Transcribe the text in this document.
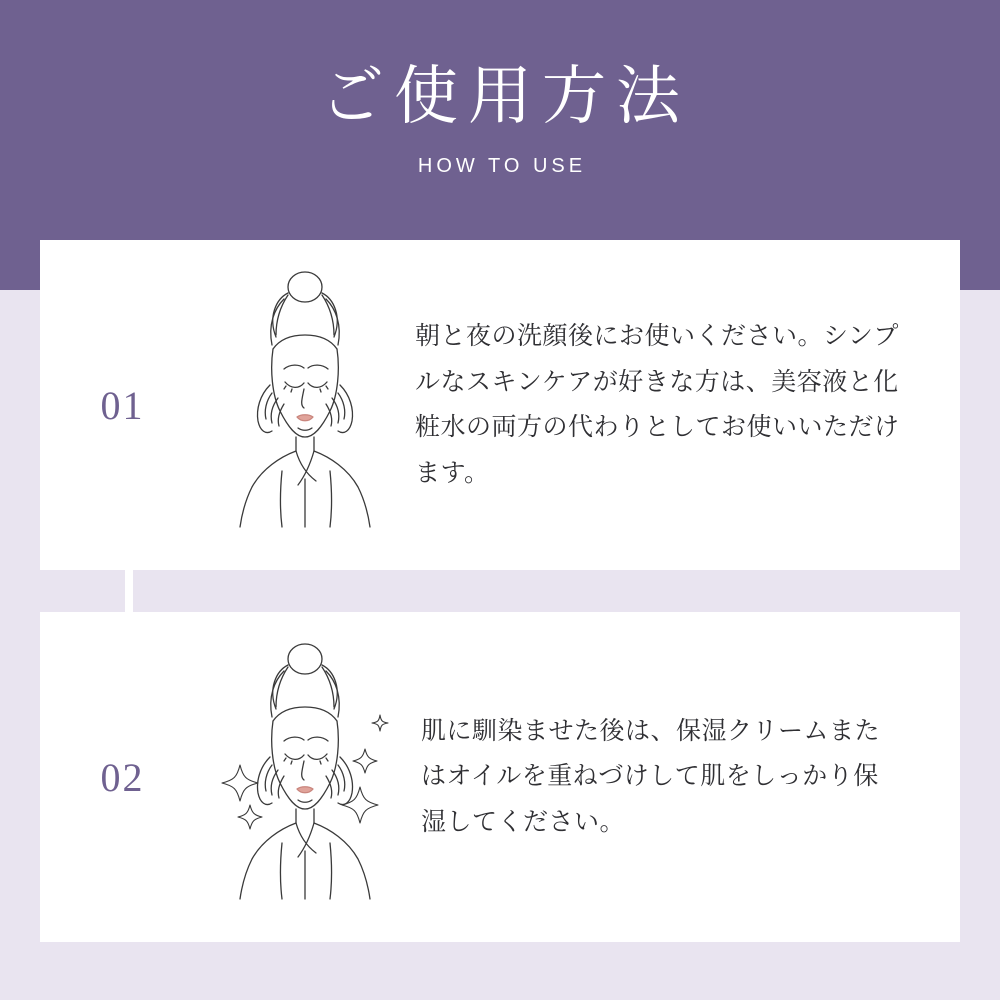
ご使用方法
HOW TO USE
01
朝と夜の洗顔後にお使いください。シンプルなスキンケアが好きな方は、美容液と化粧水の両方の代わりとしてお使いいただけます。
02
肌に馴染ませた後は、保湿クリームまたはオイルを重ねづけして肌をしっかり保湿してください。
